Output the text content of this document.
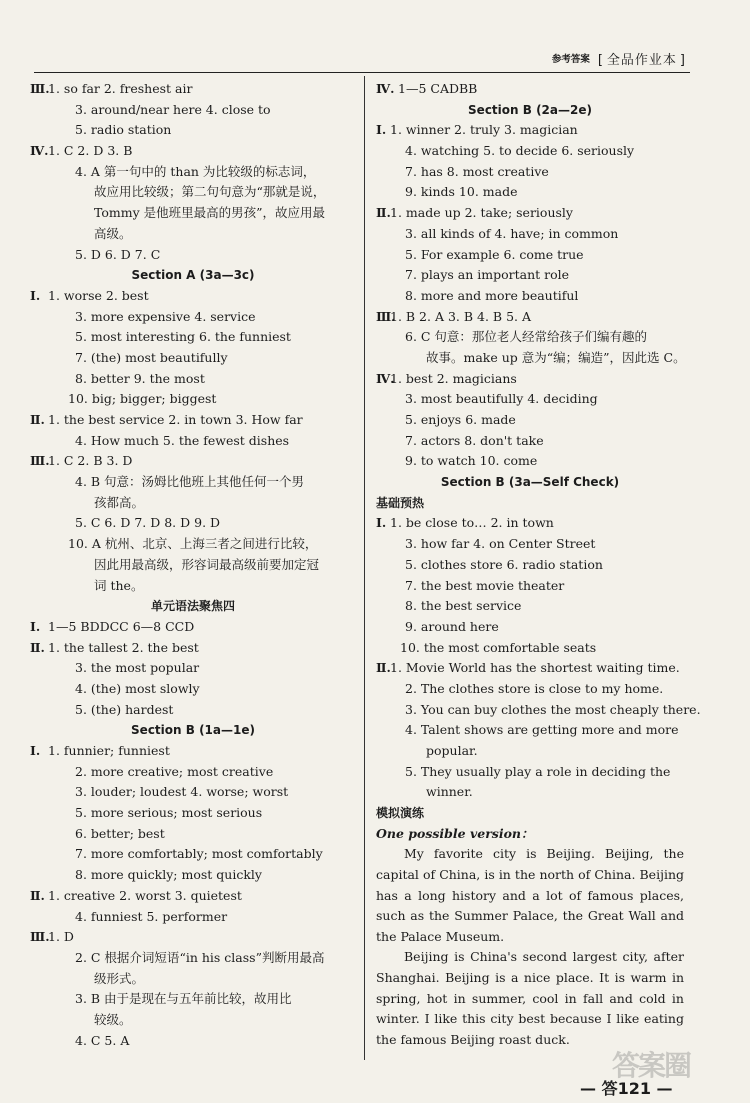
参考答案
[	全品作业本 ]
Ⅲ.
1. so far 2. freshest air
3. around/near here 4. close to
5. radio station
Ⅳ. 1. C 2. D 3. B
4. A 第一句中的 than 为比较级的标志词，
故应用比较级；第二句句意为“那就是说，
Tommy 是他班里最高的男孩”，故应用最
高级。
5. D 6. D 7. C
Section A (3a—3c)
Ⅰ. 1. worse 2. best
3. more expensive 4. service
5. most interesting 6. the funniest
7. (the) most beautifully
8. better 9. the most
10. big; bigger; biggest
Ⅱ. 1. the best service 2. in town 3. How far
4. How much 5. the fewest dishes
Ⅲ.
1. C 2. B 3. D
4. B 句意：汤姆比他班上其他任何一个男
孩都高。
5. C 6. D 7. D 8. D 9. D
10. A 杭州、北京、上海三者之间进行比较，
因此用最高级，形容词最高级前要加定冠
词 the。
单元语法聚焦四
Ⅰ. 1—5 BDDCC 6—8 CCD
Ⅱ. 1. the tallest 2. the best
3. the most popular
4. (the) most slowly
5. (the) hardest
Section B (1a—1e)
Ⅰ. 1. funnier; funniest
2. more creative; most creative
3. louder; loudest 4. worse; worst
5. more serious; most serious
6. better; best
7. more comfortably; most comfortably
8. more quickly; most quickly
Ⅱ. 1. creative 2. worst 3. quietest
4. funniest 5. performer
Ⅲ.
1. D
2. C 根据介词短语“in his class”判断用最高
级形式。
3. B 由于是现在与五年前比较，故用比
较级。
4. C 5. A
Ⅳ. 1—5 CADBB
Section B (2a—2e)
Ⅰ. 1. winner 2. truly 3. magician
4. watching 5. to decide 6. seriously
7. has 8. most creative
9. kinds 10. made
Ⅱ. 1. made up 2. take; seriously
3. all kinds of 4. have; in common
5. For example 6. come true
7. plays an important role
8. more and more beautiful
Ⅲ.
1. B 2. A 3. B 4. B 5. A
6. C 句意：那位老人经常给孩子们编有趣的
故事。make up 意为“编；编造”，因此选 C。
Ⅳ.
1. best 2. magicians
3. most beautifully 4. deciding
5. enjoys 6. made
7. actors 8. don't take
9. to watch 10. come
Section B (3a—Self Check)
基础预热
Ⅰ. 1. be close to… 2. in town
3. how far 4. on Center Street
5. clothes store 6. radio station
7. the best movie theater
8. the best service
9. around here
10. the most comfortable seats
Ⅱ. 1. Movie World has the shortest waiting time.
2. The clothes store is close to my home.
3. You can buy clothes the most cheaply there.
4. Talent shows are getting more and more
popular.
5. They usually play a role in deciding the
winner.
模拟演练
One possible version：
My favorite city is Beijing. Beijing, the capital of China, is in the north of China. Beijing has a long history and a lot of famous places, such as the Summer Palace, the Great Wall and the Palace Museum.
Beijing is China's second largest city, after Shanghai. Beijing is a nice place. It is warm in spring, hot in summer, cool in fall and cold in winter. I like this city best because I like eating the famous Beijing roast duck.
答案圈
— 答121 —
